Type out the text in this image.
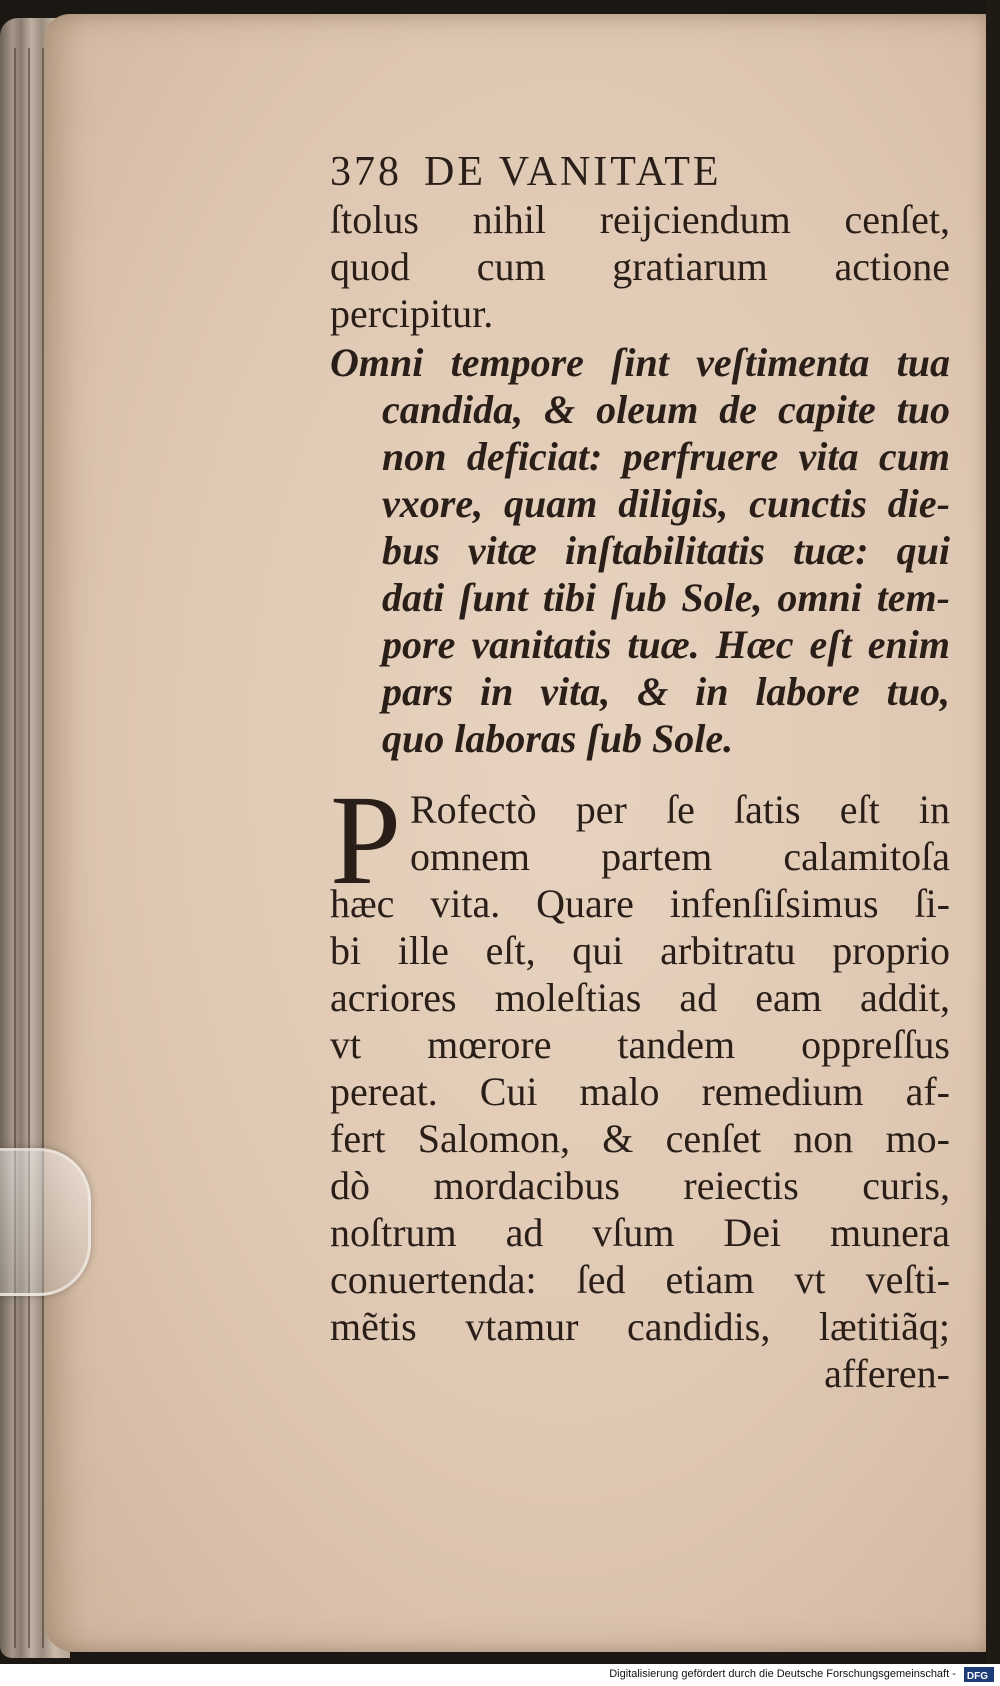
378 DE VANITATE
ſtolus nihil reijciendum cenſet,
quod cum gratiarum actione
percipitur.
Omni tempore ſint veſtimenta tua
candida, & oleum de capite tuo
non deficiat: perfruere vita cum
vxore, quam diligis, cunctis die-
bus vitæ inſtabilitatis tuæ: qui
dati ſunt tibi ſub Sole, omni tem-
pore vanitatis tuæ. Hæc eſt enim
pars in vita, & in labore tuo,
quo laboras ſub Sole.
P Rofectò per ſe ſatis eſt in
omnem partem calamitoſa
hæc vita. Quare infenſiſsimus ſi-
bi ille eſt, qui arbitratu proprio
acriores moleſtias ad eam addit,
vt mœrore tandem oppreſſus
pereat. Cui malo remedium af-
fert Salomon, & cenſet non mo-
dò mordacibus reiectis curis,
noſtrum ad vſum Dei munera
conuertenda: ſed etiam vt veſti-
mẽtis vtamur candidis, lætitiãq;
afferen-
Digitalisierung gefördert durch die Deutsche Forschungsgemeinschaft - DFG
